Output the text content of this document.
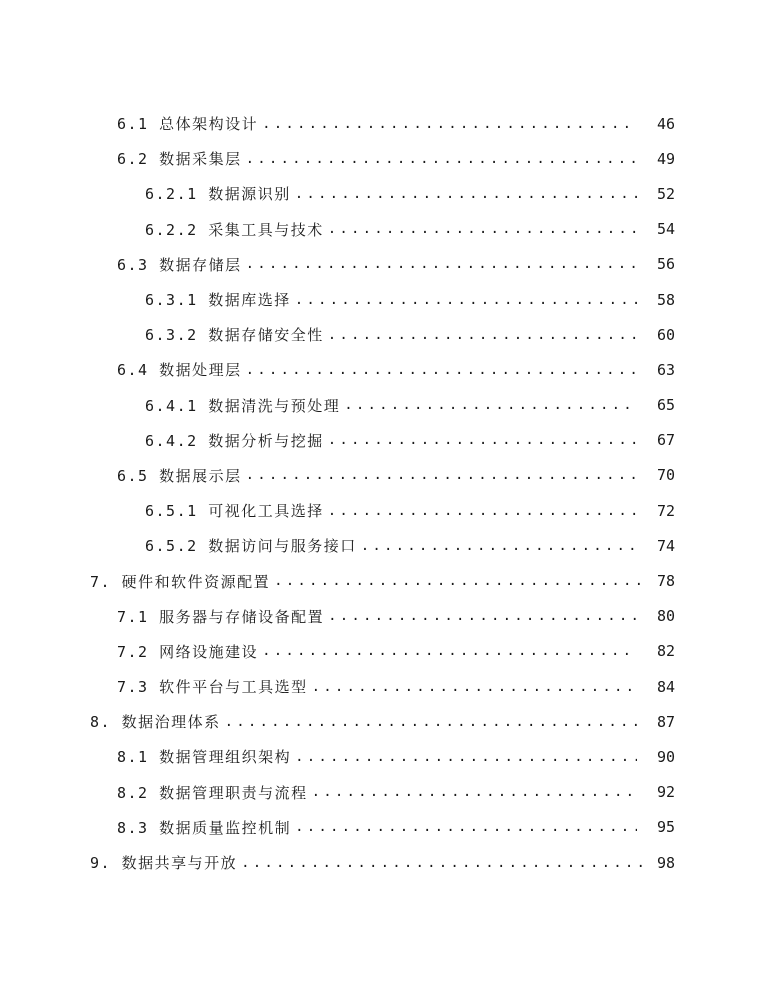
6.1 总体架构设计 .....	46
6.2 数据采集层 .....	49
6.2.1 数据源识别 .....	52
6.2.2 采集工具与技术 .....	54
6.3 数据存储层 .....	56
6.3.1 数据库选择 .....	58
6.3.2 数据存储安全性 .....	60
6.4 数据处理层 .....	63
6.4.1 数据清洗与预处理 .....	65
6.4.2 数据分析与挖掘 .....	67
6.5 数据展示层 .....	70
6.5.1 可视化工具选择 .....	72
6.5.2 数据访问与服务接口 .....	74
7. 硬件和软件资源配置 .....	78
7.1 服务器与存储设备配置 .....	80
7.2 网络设施建设 .....	82
7.3 软件平台与工具选型 .....	84
8. 数据治理体系 .....	87
8.1 数据管理组织架构 .....	90
8.2 数据管理职责与流程 .....	92
8.3 数据质量监控机制 .....	95
9. 数据共享与开放 .....	98
